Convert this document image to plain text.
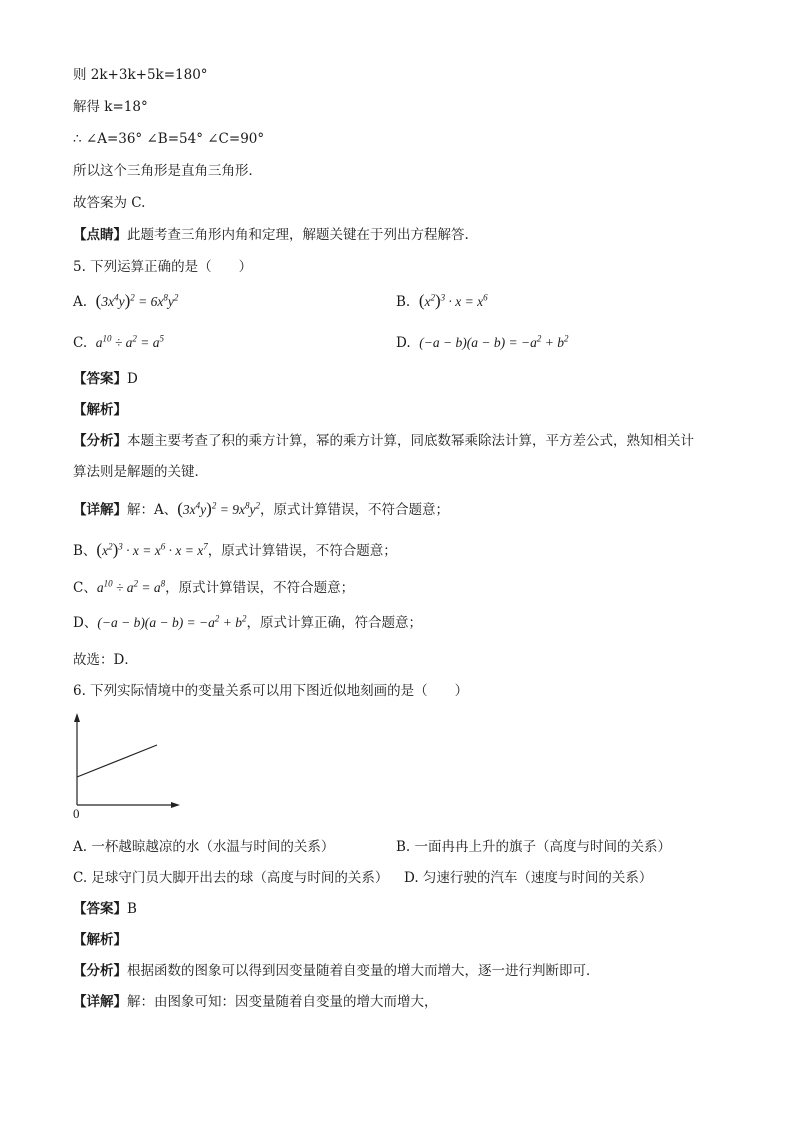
则 2k+3k+5k=180°
解得 k=18°
∴ ∠A=36° ∠B=54° ∠C=90°
所以这个三角形是直角三角形．
故答案为 C.
【点睛】此题考查三角形内角和定理，解题关键在于列出方程解答.
5. 下列运算正确的是（　　）
A. $(3x^4y)^2 = 6x^8y^2$	B. $(x^2)^3 \cdot x = x^6$
C. $a^{10} \div a^2 = a^5$	D. $(-a - b)(a - b) = -a^2 + b^2$
【答案】D
【解析】
【分析】本题主要考查了积的乘方计算，幂的乘方计算，同底数幂乘除法计算，平方差公式，熟知相关计
算法则是解题的关键．
【详解】解：A、$(3x^4y)^2 = 9x^8y^2$，原式计算错误，不符合题意；
B、$(x^2)^3 \cdot x = x^6 \cdot x = x^7$，原式计算错误，不符合题意；
C、$a^{10} \div a^2 = a^8$，原式计算错误，不符合题意；
D、$(-a - b)(a - b) = -a^2 + b^2$，原式计算正确，符合题意；
故选：D．
6. 下列实际情境中的变量关系可以用下图近似地刻画的是（　　）
0
A. 一杯越晾越凉的水（水温与时间的关系）	B. 一面冉冉上升的旗子（高度与时间的关系）
C. 足球守门员大脚开出去的球（高度与时间的关系） D. 匀速行驶的汽车（速度与时间的关系）
【答案】B
【解析】
【分析】根据函数的图象可以得到因变量随着自变量的增大而增大，逐一进行判断即可．
【详解】解：由图象可知：因变量随着自变量的增大而增大，
